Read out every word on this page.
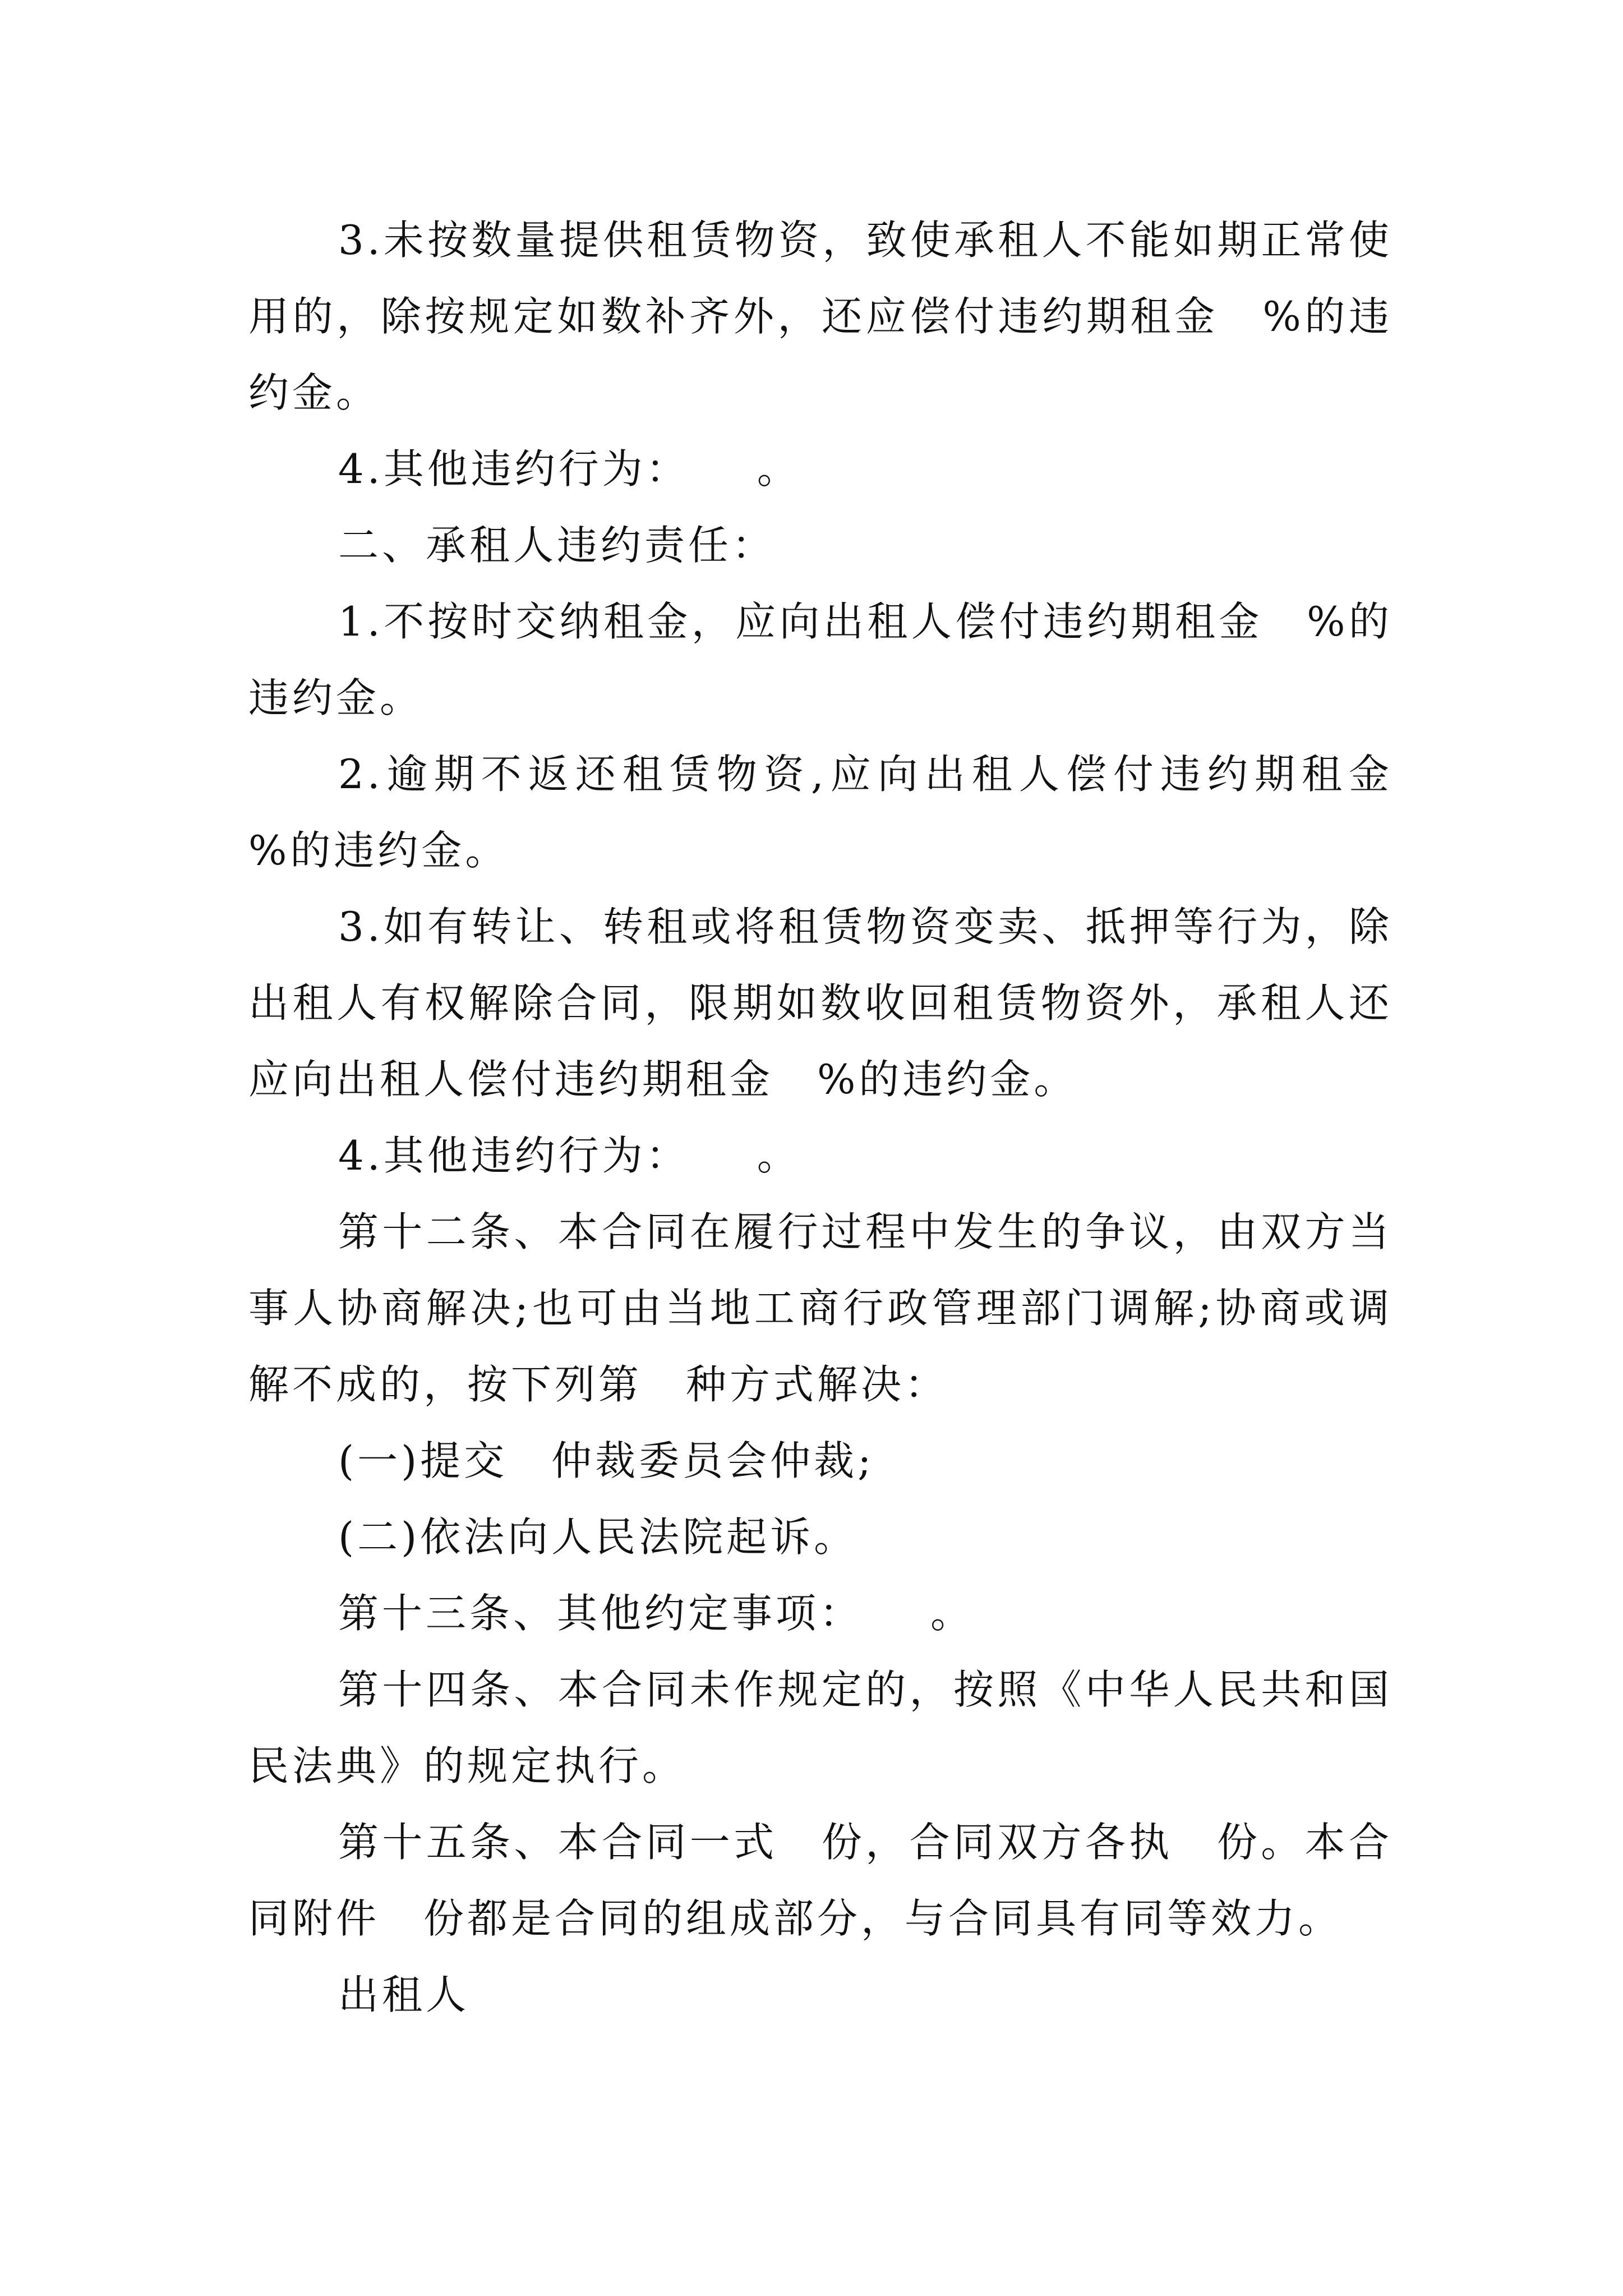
3.未按数量提供租赁物资，致使承租人不能如期正常使用的，除按规定如数补齐外，还应偿付违约期租金　%的违约金。

4.其他违约行为：　　。

二、承租人违约责任：

1.不按时交纳租金，应向出租人偿付违约期租金　%的违约金。

2.逾期不返还租赁物资,应向出租人偿付违约期租金　%的违约金。

3.如有转让、转租或将租赁物资变卖、抵押等行为，除出租人有权解除合同，限期如数收回租赁物资外，承租人还应向出租人偿付违约期租金　%的违约金。

4.其他违约行为：　　。

第十二条、本合同在履行过程中发生的争议，由双方当事人协商解决;也可由当地工商行政管理部门调解;协商或调解不成的，按下列第　种方式解决：

(一)提交　仲裁委员会仲裁;

(二)依法向人民法院起诉。

第十三条、其他约定事项：　　。

第十四条、本合同未作规定的，按照《中华人民共和国民法典》的规定执行。

第十五条、本合同一式　份，合同双方各执　份。本合同附件　份都是合同的组成部分，与合同具有同等效力。

出租人
